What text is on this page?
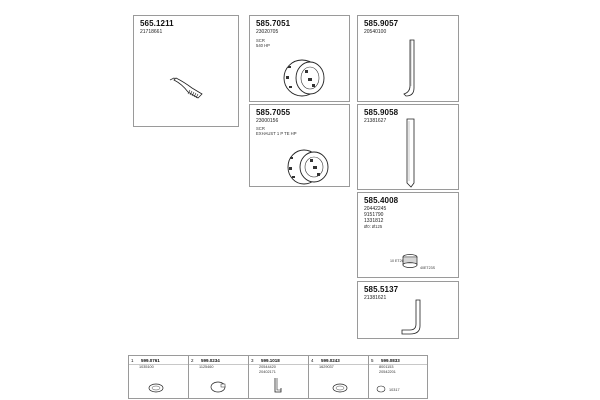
565.1211
21718661
585.7051
23020705
SCR
540 HP
585.9057
20540100
585.7055
23000156
SCR
EXHAUST 1 P TE HP
585.9058
21381627
585.4008
20442245
9151790
1331812
Ø0: Ø125
10 ET26
40ET23S
585.5137
21381621
1 599.0761
1035100
2 599.0234
1125460
3 599.1018
20544420
20402171
4 599.0243
1629037
5 599.0833
8001153
20542201
10317
